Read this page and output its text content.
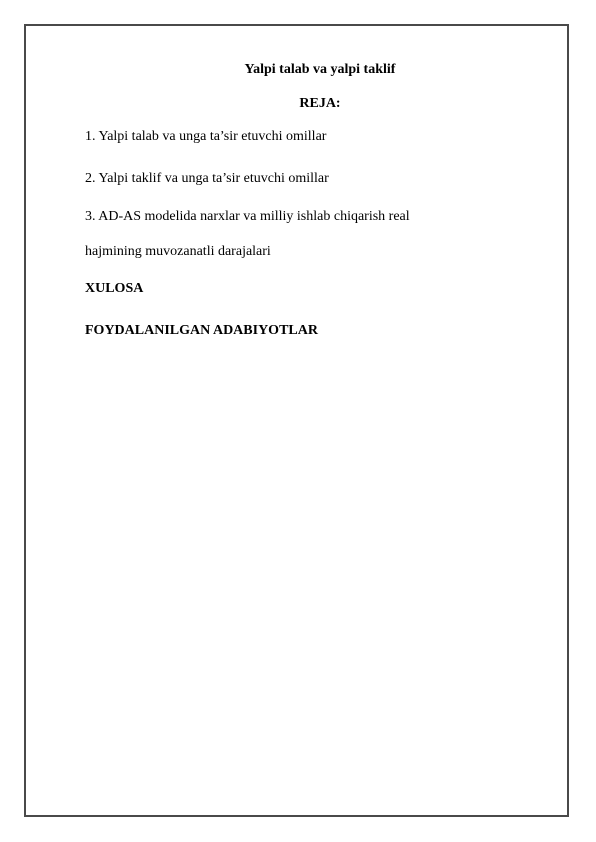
Yalpi talab va yalpi taklif

REJA:

1. Yalpi talab va unga ta’sir etuvchi omillar

2. Yalpi taklif va unga ta’sir etuvchi omillar

3. AD-AS modelida narxlar va milliy ishlab chiqarish real

hajmining muvozanatli darajalari

XULOSA

FOYDALANILGAN ADABIYOTLAR
